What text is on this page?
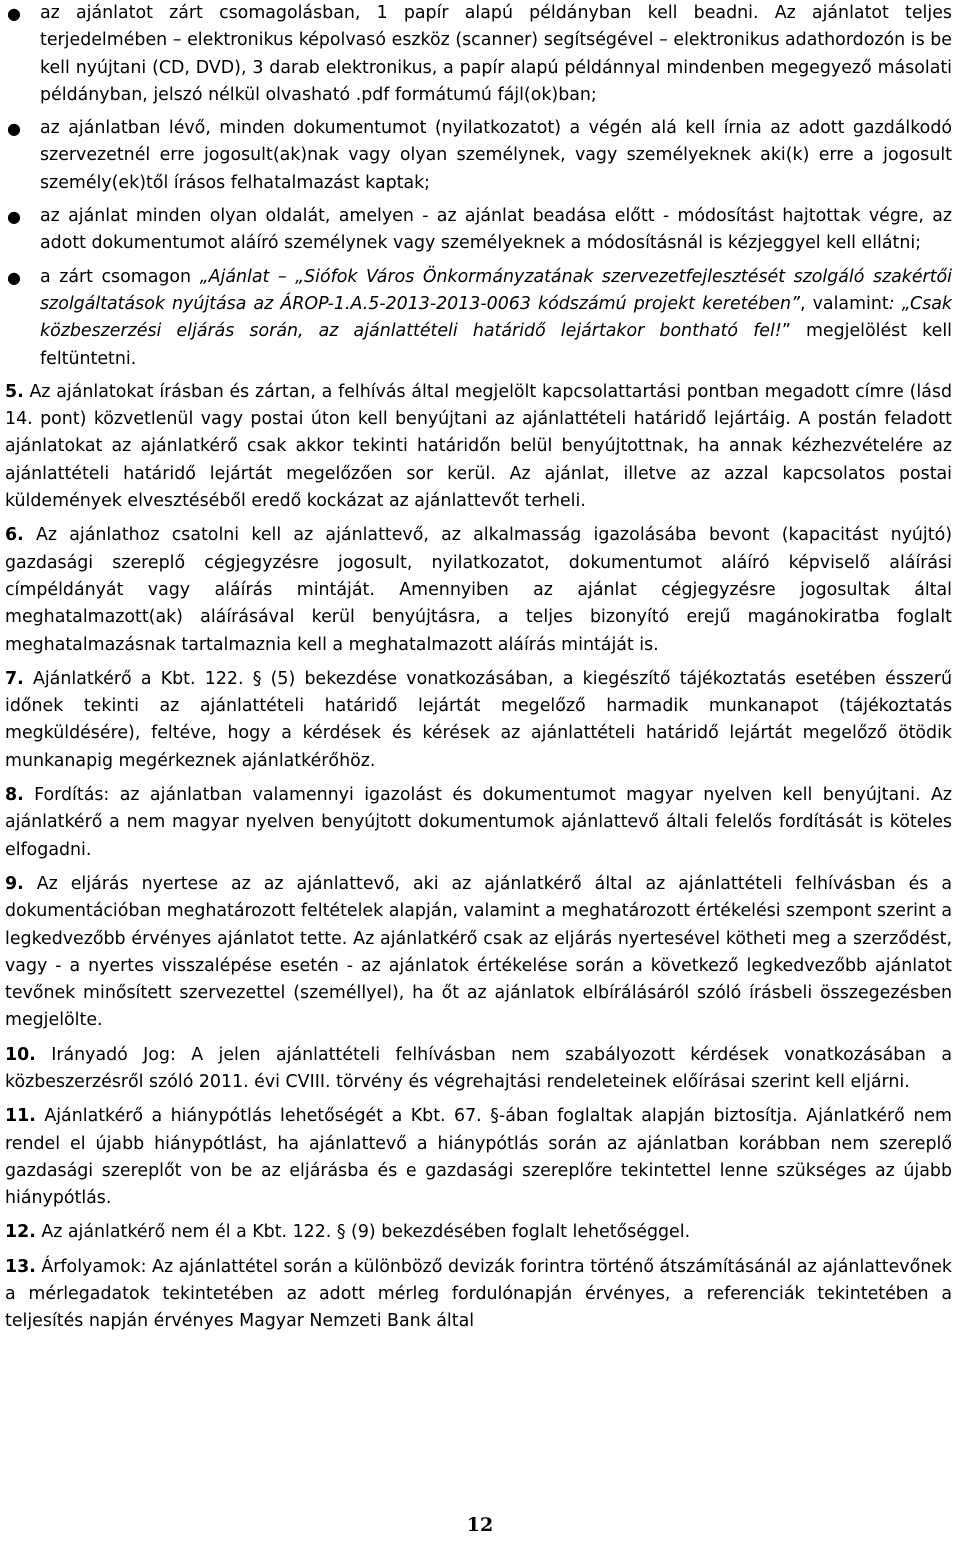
● az ajánlatot zárt csomagolásban, 1 papír alapú példányban kell beadni. Az ajánlatot teljes terjedelmében – elektronikus képolvasó eszköz (scanner) segítségével – elektronikus adathordozón is be kell nyújtani (CD, DVD), 3 darab elektronikus, a papír alapú példánnyal mindenben megegyező másolati példányban, jelszó nélkül olvasható .pdf formátumú fájl(ok)ban;
● az ajánlatban lévő, minden dokumentumot (nyilatkozatot) a végén alá kell írnia az adott gazdálkodó szervezetnél erre jogosult(ak)nak vagy olyan személynek, vagy személyeknek aki(k) erre a jogosult személy(ek)től írásos felhatalmazást kaptak;
● az ajánlat minden olyan oldalát, amelyen - az ajánlat beadása előtt - módosítást hajtottak végre, az adott dokumentumot aláíró személynek vagy személyeknek a módosításnál is kézjeggyel kell ellátni;
● a zárt csomagon „Ajánlat – „Siófok Város Önkormányzatának szervezetfejlesztését szolgáló szakértői szolgáltatások nyújtása az ÁROP-1.A.5-2013-2013-0063 kódszámú projekt keretében”, valamint: „Csak közbeszerzési eljárás során, az ajánlattételi határidő lejártakor bontható fel!” megjelölést kell feltüntetni.

5. Az ajánlatokat írásban és zártan, a felhívás által megjelölt kapcsolattartási pontban megadott címre (lásd 14. pont) közvetlenül vagy postai úton kell benyújtani az ajánlattételi határidő lejártáig. A postán feladott ajánlatokat az ajánlatkérő csak akkor tekinti határidőn belül benyújtottnak, ha annak kézhezvételére az ajánlattételi határidő lejártát megelőzően sor kerül. Az ajánlat, illetve az azzal kapcsolatos postai küldemények elvesztéséből eredő kockázat az ajánlattevőt terheli.

6. Az ajánlathoz csatolni kell az ajánlattevő, az alkalmasság igazolásába bevont (kapacitást nyújtó) gazdasági szereplő cégjegyzésre jogosult, nyilatkozatot, dokumentumot aláíró képviselő aláírási címpéldányát vagy aláírás mintáját. Amennyiben az ajánlat cégjegyzésre jogosultak által meghatalmazott(ak) aláírásával kerül benyújtásra, a teljes bizonyító erejű magánokiratba foglalt meghatalmazásnak tartalmaznia kell a meghatalmazott aláírás mintáját is.

7. Ajánlatkérő a Kbt. 122. § (5) bekezdése vonatkozásában, a kiegészítő tájékoztatás esetében ésszerű időnek tekinti az ajánlattételi határidő lejártát megelőző harmadik munkanapot (tájékoztatás megküldésére), feltéve, hogy a kérdések és kérések az ajánlattételi határidő lejártát megelőző ötödik munkanapig megérkeznek ajánlatkérőhöz.

8. Fordítás: az ajánlatban valamennyi igazolást és dokumentumot magyar nyelven kell benyújtani. Az ajánlatkérő a nem magyar nyelven benyújtott dokumentumok ajánlattevő általi felelős fordítását is köteles elfogadni.

9. Az eljárás nyertese az az ajánlattevő, aki az ajánlatkérő által az ajánlattételi felhívásban és a dokumentációban meghatározott feltételek alapján, valamint a meghatározott értékelési szempont szerint a legkedvezőbb érvényes ajánlatot tette. Az ajánlatkérő csak az eljárás nyertesével kötheti meg a szerződést, vagy - a nyertes visszalépése esetén - az ajánlatok értékelése során a következő legkedvezőbb ajánlatot tevőnek minősített szervezettel (személlyel), ha őt az ajánlatok elbírálásáról szóló írásbeli összegezésben megjelölte.

10. Irányadó Jog: A jelen ajánlattételi felhívásban nem szabályozott kérdések vonatkozásában a közbeszerzésről szóló 2011. évi CVIII. törvény és végrehajtási rendeleteinek előírásai szerint kell eljárni.

11. Ajánlatkérő a hiánypótlás lehetőségét a Kbt. 67. §-ában foglaltak alapján biztosítja. Ajánlatkérő nem rendel el újabb hiánypótlást, ha ajánlattevő a hiánypótlás során az ajánlatban korábban nem szereplő gazdasági szereplőt von be az eljárásba és e gazdasági szereplőre tekintettel lenne szükséges az újabb hiánypótlás.

12. Az ajánlatkérő nem él a Kbt. 122. § (9) bekezdésében foglalt lehetőséggel.

13. Árfolyamok: Az ajánlattétel során a különböző devizák forintra történő átszámításánál az ajánlattevőnek a mérlegadatok tekintetében az adott mérleg fordulónapján érvényes, a referenciák tekintetében a teljesítés napján érvényes Magyar Nemzeti Bank által

12
